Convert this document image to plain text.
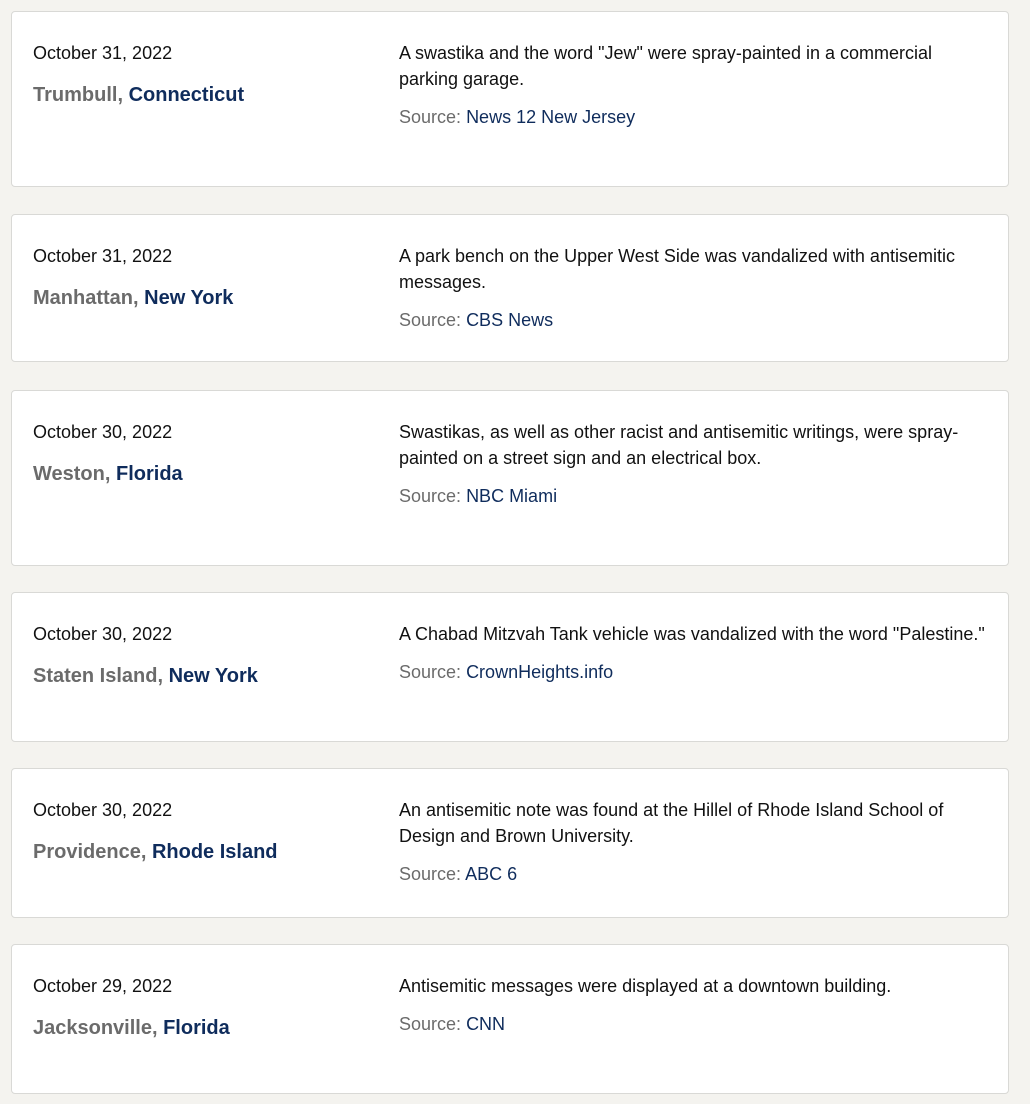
October 31, 2022
Trumbull, Connecticut
A swastika and the word "Jew" were spray-painted in a commercial parking garage.
Source: News 12 New Jersey
October 31, 2022
Manhattan, New York
A park bench on the Upper West Side was vandalized with antisemitic messages.
Source: CBS News
October 30, 2022
Weston, Florida
Swastikas, as well as other racist and antisemitic writings, were spray-painted on a street sign and an electrical box.
Source: NBC Miami
October 30, 2022
Staten Island, New York
A Chabad Mitzvah Tank vehicle was vandalized with the word "Palestine."
Source: CrownHeights.info
October 30, 2022
Providence, Rhode Island
An antisemitic note was found at the Hillel of Rhode Island School of Design and Brown University.
Source: ABC 6
October 29, 2022
Jacksonville, Florida
Antisemitic messages were displayed at a downtown building.
Source: CNN
